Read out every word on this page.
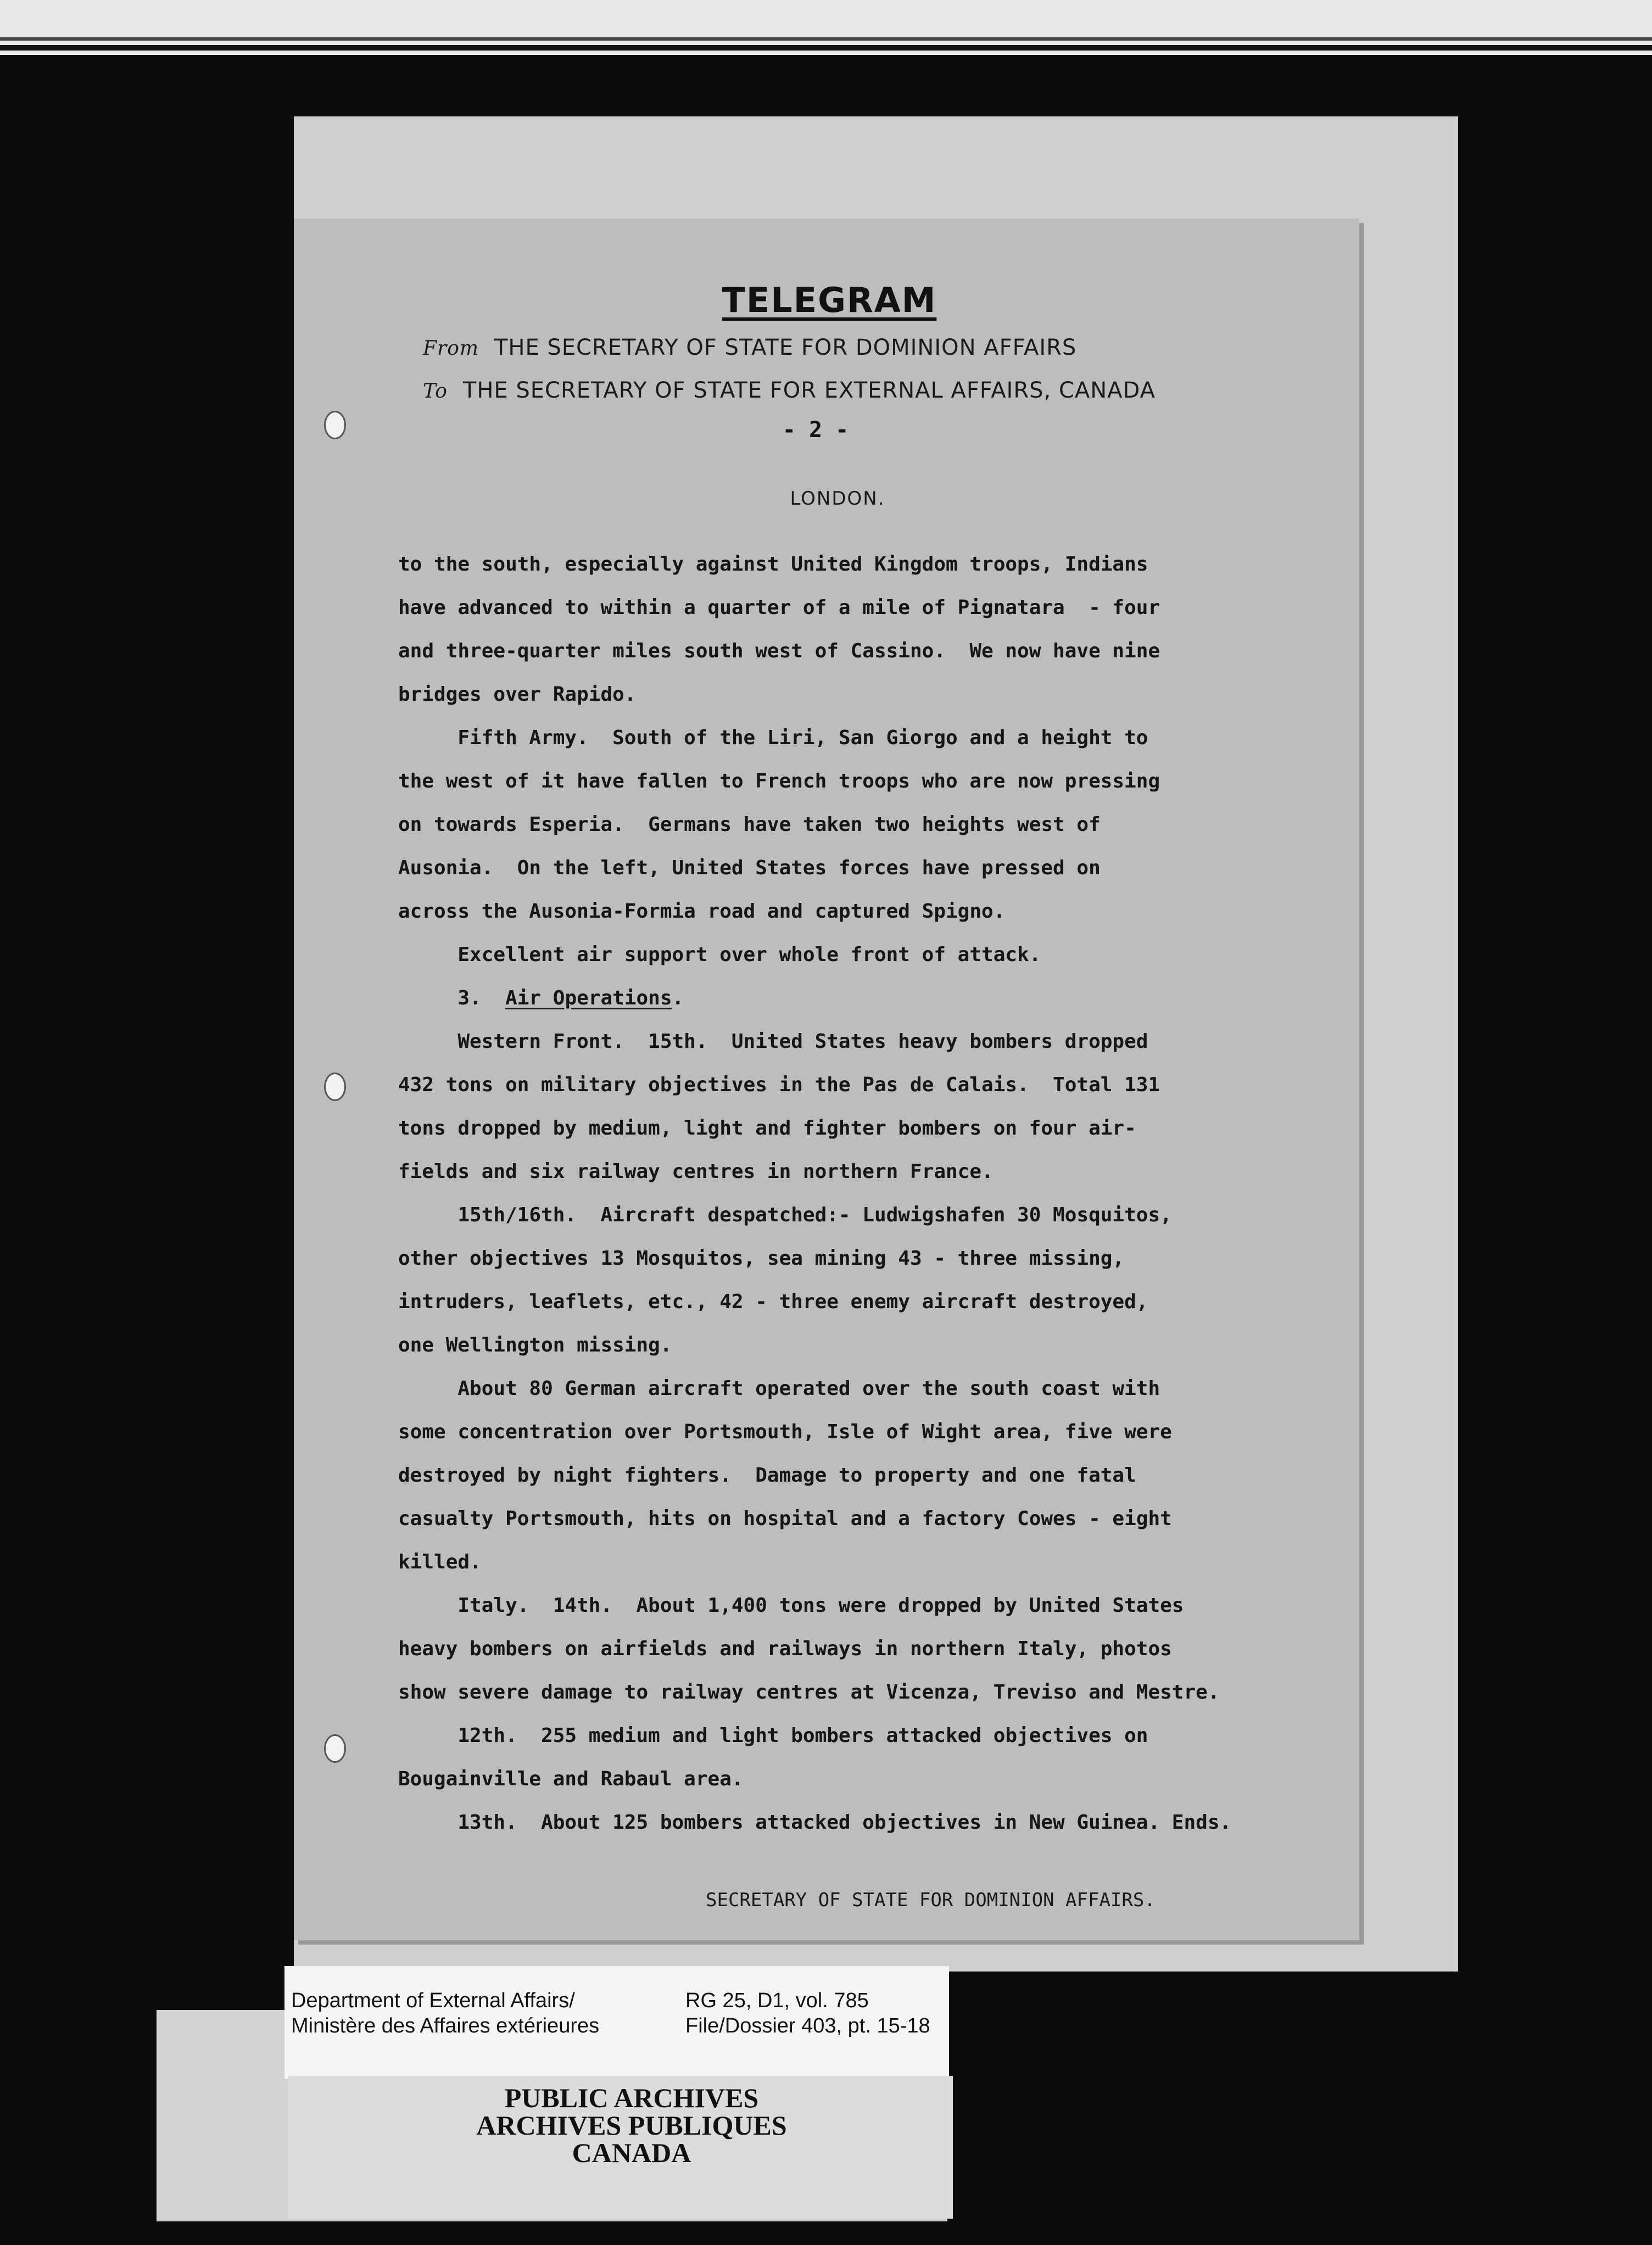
TELEGRAM
From THE SECRETARY OF STATE FOR DOMINION AFFAIRS
To THE SECRETARY OF STATE FOR EXTERNAL AFFAIRS, CANADA
- 2 -
LONDON.

to the south, especially against United Kingdom troops, Indians

have advanced to within a quarter of a mile of Pignatara  - four

and three-quarter miles south west of Cassino.  We now have nine

bridges over Rapido.

Fifth Army.  South of the Liri, San Giorgo and a height to

the west of it have fallen to French troops who are now pressing

on towards Esperia.  Germans have taken two heights west of

Ausonia.  On the left, United States forces have pressed on

across the Ausonia-Formia road and captured Spigno.

Excellent air support over whole front of attack.

3.  Air Operations.

Western Front.  15th.  United States heavy bombers dropped

432 tons on military objectives in the Pas de Calais.  Total 131

tons dropped by medium, light and fighter bombers on four air-

fields and six railway centres in northern France.

15th/16th.  Aircraft despatched:- Ludwigshafen 30 Mosquitos,

other objectives 13 Mosquitos, sea mining 43 - three missing,

intruders, leaflets, etc., 42 - three enemy aircraft destroyed,

one Wellington missing.

About 80 German aircraft operated over the south coast with

some concentration over Portsmouth, Isle of Wight area, five were

destroyed by night fighters.  Damage to property and one fatal

casualty Portsmouth, hits on hospital and a factory Cowes - eight

killed.

Italy.  14th.  About 1,400 tons were dropped by United States

heavy bombers on airfields and railways in northern Italy, photos

show severe damage to railway centres at Vicenza, Treviso and Mestre.

12th.  255 medium and light bombers attacked objectives on

Bougainville and Rabaul area.

13th.  About 125 bombers attacked objectives in New Guinea. Ends.

SECRETARY OF STATE FOR DOMINION AFFAIRS.
Department of External Affairs/
Ministère des Affaires extérieures
RG 25, D1, vol. 785
File/Dossier 403, pt. 15-18
PUBLIC ARCHIVES
ARCHIVES PUBLIQUES
CANADA
